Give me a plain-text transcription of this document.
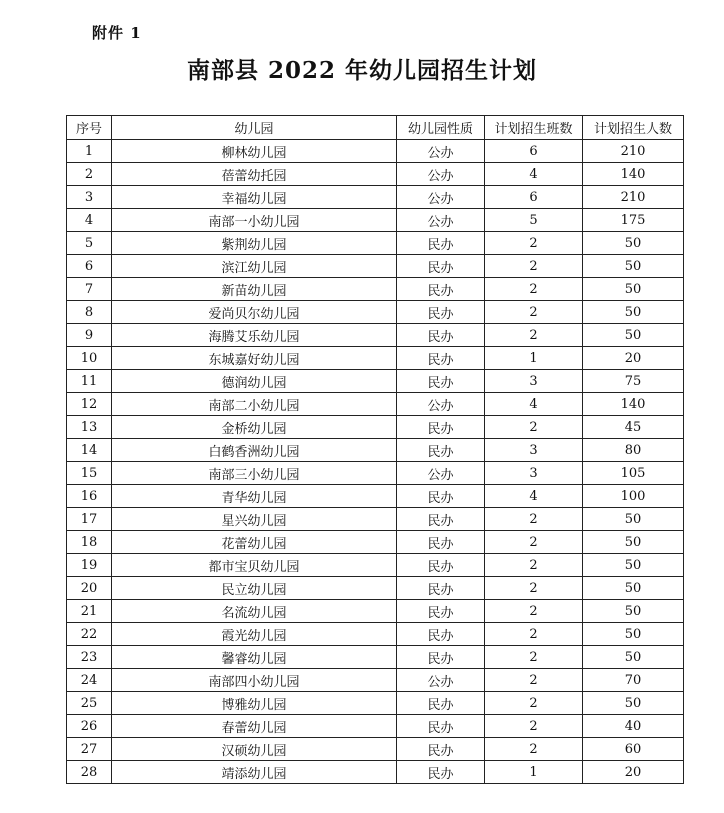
附件 1
南部县 2022 年幼儿园招生计划
序号	幼儿园	幼儿园性质	计划招生班数	计划招生人数
1	柳林幼儿园	公办	6	210
2	蓓蕾幼托园	公办	4	140
3	幸福幼儿园	公办	6	210
4	南部一小幼儿园	公办	5	175
5	紫荆幼儿园	民办	2	50
6	滨江幼儿园	民办	2	50
7	新苗幼儿园	民办	2	50
8	爱尚贝尔幼儿园	民办	2	50
9	海腾艾乐幼儿园	民办	2	50
10	东城嘉好幼儿园	民办	1	20
11	德润幼儿园	民办	3	75
12	南部二小幼儿园	公办	4	140
13	金桥幼儿园	民办	2	45
14	白鹤香洲幼儿园	民办	3	80
15	南部三小幼儿园	公办	3	105
16	青华幼儿园	民办	4	100
17	星兴幼儿园	民办	2	50
18	花蕾幼儿园	民办	2	50
19	都市宝贝幼儿园	民办	2	50
20	民立幼儿园	民办	2	50
21	名流幼儿园	民办	2	50
22	霞光幼儿园	民办	2	50
23	馨睿幼儿园	民办	2	50
24	南部四小幼儿园	公办	2	70
25	博雅幼儿园	民办	2	50
26	春蕾幼儿园	民办	2	40
27	汉硕幼儿园	民办	2	60
28	靖添幼儿园	民办	1	20
